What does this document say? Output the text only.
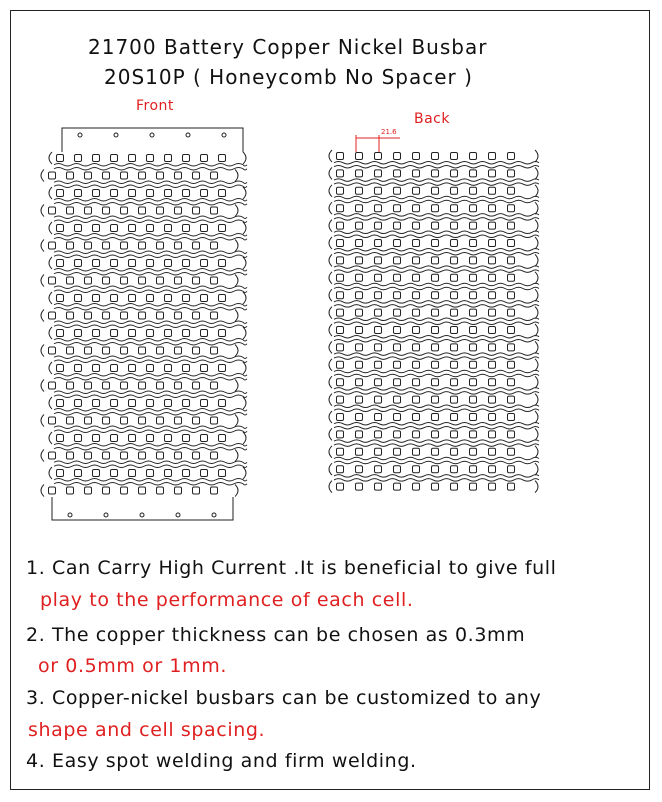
21700 Battery Copper Nickel Busbar
20S10P ( Honeycomb No Spacer )
Front
Back
21.6
1. Can Carry High Current .It is beneficial to give full
play to the performance of each cell.
2. The copper thickness can be chosen as 0.3mm
or 0.5mm or 1mm.
3. Copper-nickel busbars can be customized to any
shape and cell spacing.
4. Easy spot welding and firm welding.
